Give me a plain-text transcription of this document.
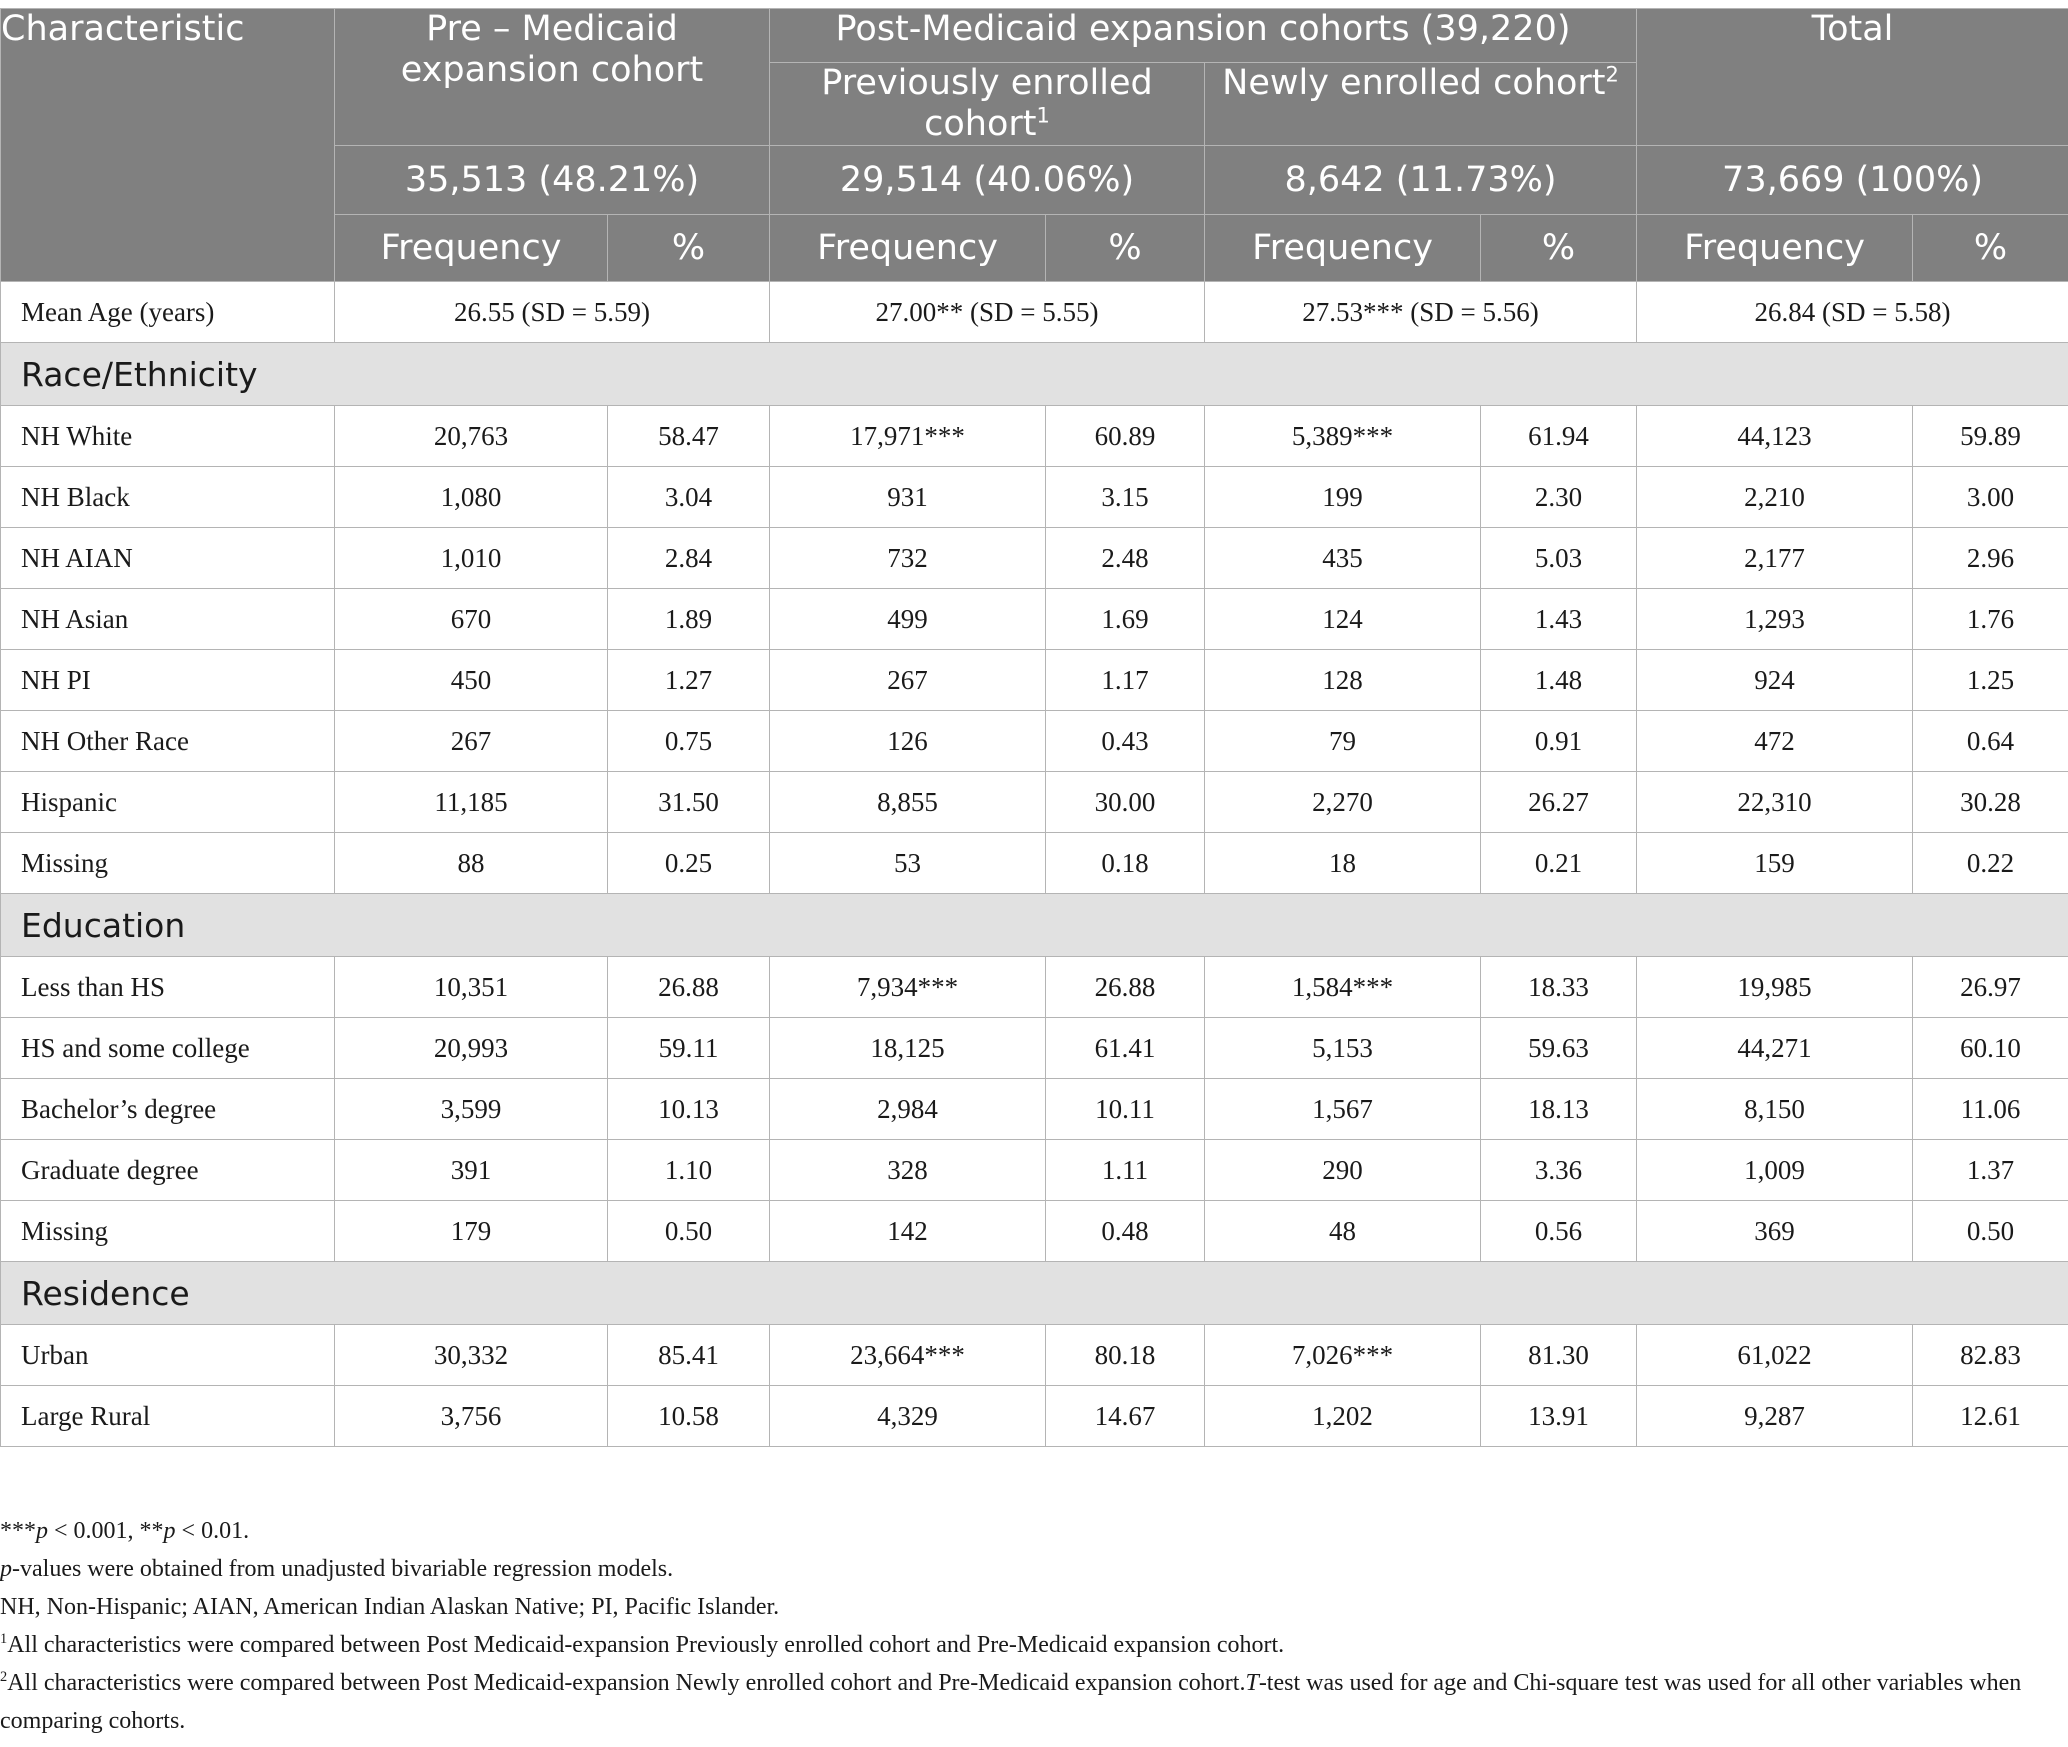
Characteristic	Pre – Medicaid expansion cohort		Post-Medicaid expansion cohorts (39,220)				Total	
			Previously enrolled cohort$^1$		Newly enrolled cohort$^2$
	35,513 (48.21%)		29,514 (40.06%)		8,642 (11.73%)		73,669 (100%)	
	Frequency	%	Frequency	%	Frequency	%	Frequency	%
Mean Age (years)	26.55 (SD = 5.59)		27.00** (SD = 5.55)		27.53*** (SD = 5.56)		26.84 (SD = 5.58)	
Race/Ethnicity								
NH White	20,763	58.47	17,971***	60.89	5,389***	61.94	44,123	59.89
NH Black	1,080	3.04	931	3.15	199	2.30	2,210	3.00
NH AIAN	1,010	2.84	732	2.48	435	5.03	2,177	2.96
NH Asian	670	1.89	499	1.69	124	1.43	1,293	1.76
NH PI	450	1.27	267	1.17	128	1.48	924	1.25
NH Other Race	267	0.75	126	0.43	79	0.91	472	0.64
Hispanic	11,185	31.50	8,855	30.00	2,270	26.27	22,310	30.28
Missing	88	0.25	53	0.18	18	0.21	159	0.22
Education								
Less than HS	10,351	26.88	7,934***	26.88	1,584***	18.33	19,985	26.97
HS and some college	20,993	59.11	18,125	61.41	5,153	59.63	44,271	60.10
Bachelor’s degree	3,599	10.13	2,984	10.11	1,567	18.13	8,150	11.06
Graduate degree	391	1.10	328	1.11	290	3.36	1,009	1.37
Missing	179	0.50	142	0.48	48	0.56	369	0.50
Residence								
Urban	30,332	85.41	23,664***	80.18	7,026***	81.30	61,022	82.83
Large Rural	3,756	10.58	4,329	14.67	1,202	13.91	9,287	12.61

***p < 0.001, **p < 0.01.

p-values were obtained from unadjusted bivariable regression models.

NH, Non-Hispanic; AIAN, American Indian Alaskan Native; PI, Pacific Islander.

$^1$All characteristics were compared between Post Medicaid-expansion Previously enrolled cohort and Pre-Medicaid expansion cohort.

$^2$All characteristics were compared between Post Medicaid-expansion Newly enrolled cohort and Pre-Medicaid expansion cohort.T-test was used for age and Chi-square test was used for all other variables when comparing cohorts.
